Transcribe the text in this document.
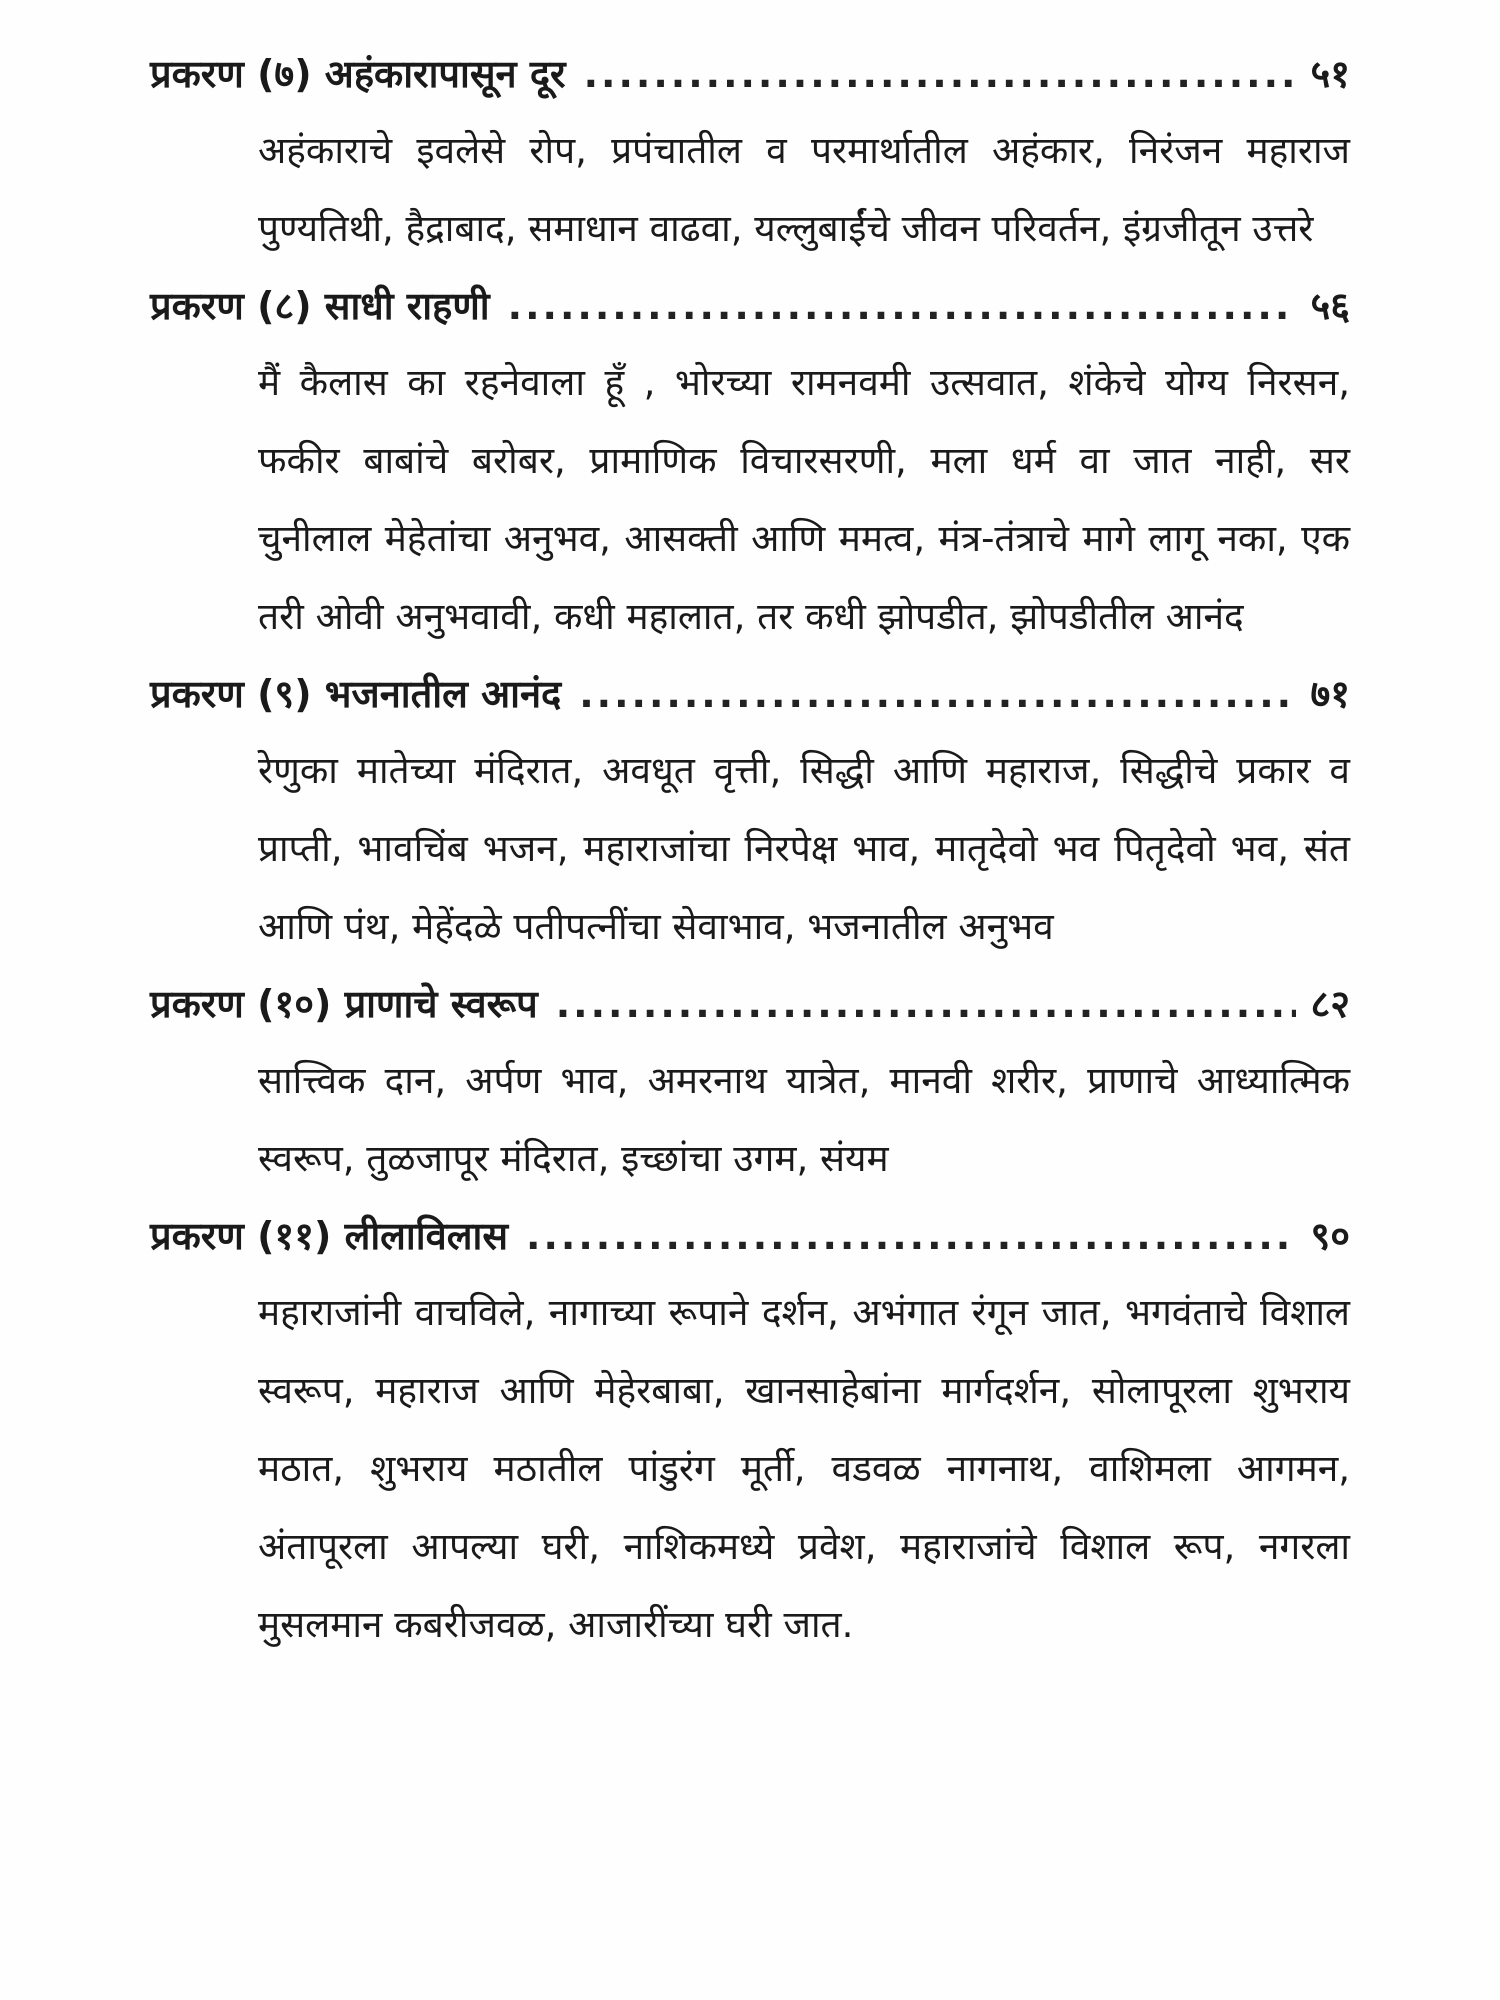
प्रकरण (७) अहंकारापासून दूर .....	५१
अहंकाराचे इवलेसे रोप, प्रपंचातील व परमार्थातील अहंकार, निरंजन महाराज पुण्यतिथी, हैद्राबाद, समाधान वाढवा, यल्लुबाईंचे जीवन परिवर्तन, इंग्रजीतून उत्तरे
प्रकरण (८) साधी राहणी .....	५६
मैं कैलास का रहनेवाला हूँ , भोरच्या रामनवमी उत्सवात, शंकेचे योग्य निरसन, फकीर बाबांचे बरोबर, प्रामाणिक विचारसरणी, मला धर्म वा जात नाही, सर चुनीलाल मेहेतांचा अनुभव, आसक्ती आणि ममत्व, मंत्र-तंत्राचे मागे लागू नका, एक तरी ओवी अनुभवावी, कधी महालात, तर कधी झोपडीत, झोपडीतील आनंद
प्रकरण (९) भजनातील आनंद .....	७१
रेणुका मातेच्या मंदिरात, अवधूत वृत्ती, सिद्धी आणि महाराज, सिद्धीचे प्रकार व प्राप्ती, भावचिंब भजन, महाराजांचा निरपेक्ष भाव, मातृदेवो भव पितृदेवो भव, संत आणि पंथ, मेहेंदळे पतीपत्नींचा सेवाभाव, भजनातील अनुभव
प्रकरण (१०) प्राणाचे स्वरूप .....	८२
सात्त्विक दान, अर्पण भाव, अमरनाथ यात्रेत, मानवी शरीर, प्राणाचे आध्यात्मिक स्वरूप, तुळजापूर मंदिरात, इच्छांचा उगम, संयम
प्रकरण (११) लीलाविलास .....	९०
महाराजांनी वाचविले, नागाच्या रूपाने दर्शन, अभंगात रंगून जात, भगवंताचे विशाल स्वरूप, महाराज आणि मेहेरबाबा, खानसाहेबांना मार्गदर्शन, सोलापूरला शुभराय मठात, शुभराय मठातील पांडुरंग मूर्ती, वडवळ नागनाथ, वाशिमला आगमन, अंतापूरला आपल्या घरी, नाशिकमध्ये प्रवेश, महाराजांचे विशाल रूप, नगरला मुसलमान कबरीजवळ, आजारींच्या घरी जात.
